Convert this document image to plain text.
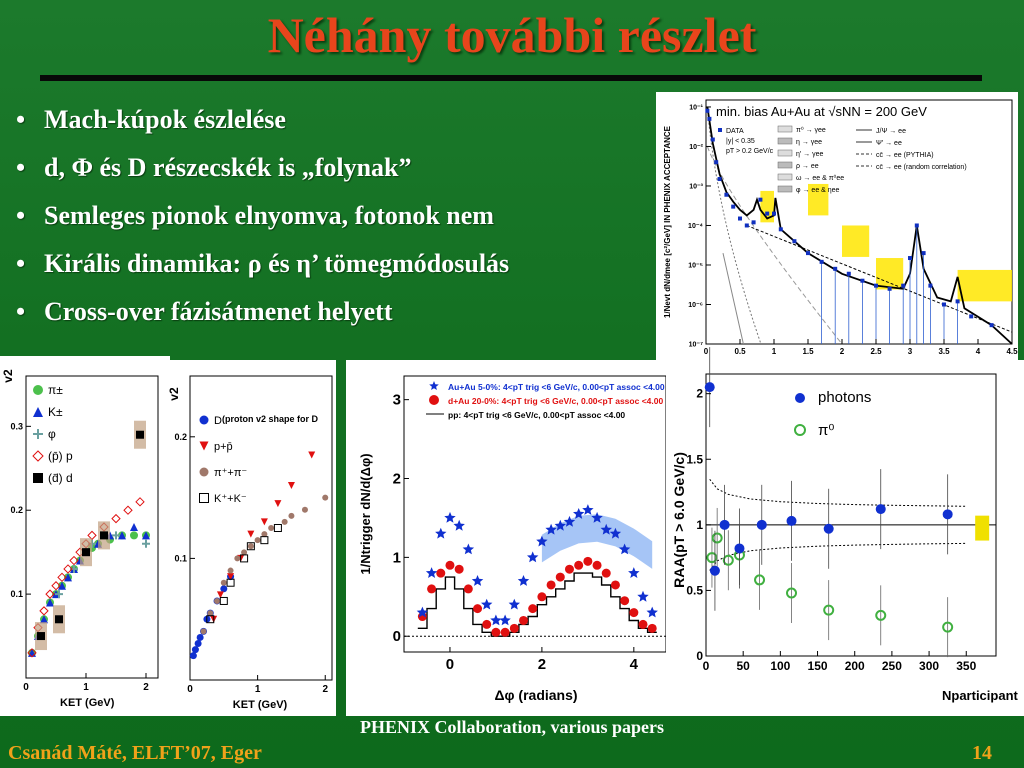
Néhány további részlet
• Mach-kúpok észlelése
• d, Φ és D részecskék is „folynak”
• Semleges pionok elnyomva, fotonok nem
• Királis dinamika: ρ és η’ tömegmódosulás
• Cross-over fázisátmenet helyett
0	0.5	1	1.5	2	2.5	3	3.5	4	4.5
10⁻¹
10⁻²
10⁻³
10⁻⁴
10⁻⁵
10⁻⁶
10⁻⁷
1/Nevt dN/dmee [c²/GeV] IN PHENIX ACCEPTANCE
min. bias Au+Au at √sNN = 200 GeV
DATA
|y| < 0.35
pT > 0.2 GeV/c
π⁰ → γee
η → γee
η′ → γee
ρ → ee
ω → ee & π⁰ee
φ → ee & ηee
J/Ψ → ee
Ψ′ → ee
cc̄ → ee (PYTHIA)
cc̄ → ee (random correlation)
0	1	2
0.1
0.2
0.3
v2
KET (GeV)
π±
K±
φ
(p̄) p
(d̄) d
0	1	2
0.1
0.2
v2
KET (GeV)
(proton v2 shape for D
D
p+p̄
π⁺+π⁻
K⁺+K⁻
0	2	4
0
1
2
3
1/Ntrigger dN/d(Δφ)
Δφ (radians)
Au+Au 5-0%: 4<pT trig <6 GeV/c, 0.00<pT assoc <4.00
d+Au 20-0%: 4<pT trig <6 GeV/c, 0.00<pT assoc <4.00
pp: 4<pT trig <6 GeV/c, 0.00<pT assoc <4.00
0 50 100 150 200 250 300 350
0
0.5
1
1.5
2
RAA(pT > 6.0 GeV/c)
Nparticipant
photons
π⁰
PHENIX Collaboration, various papers
Csanád Máté, ELFT’07, Eger	14
